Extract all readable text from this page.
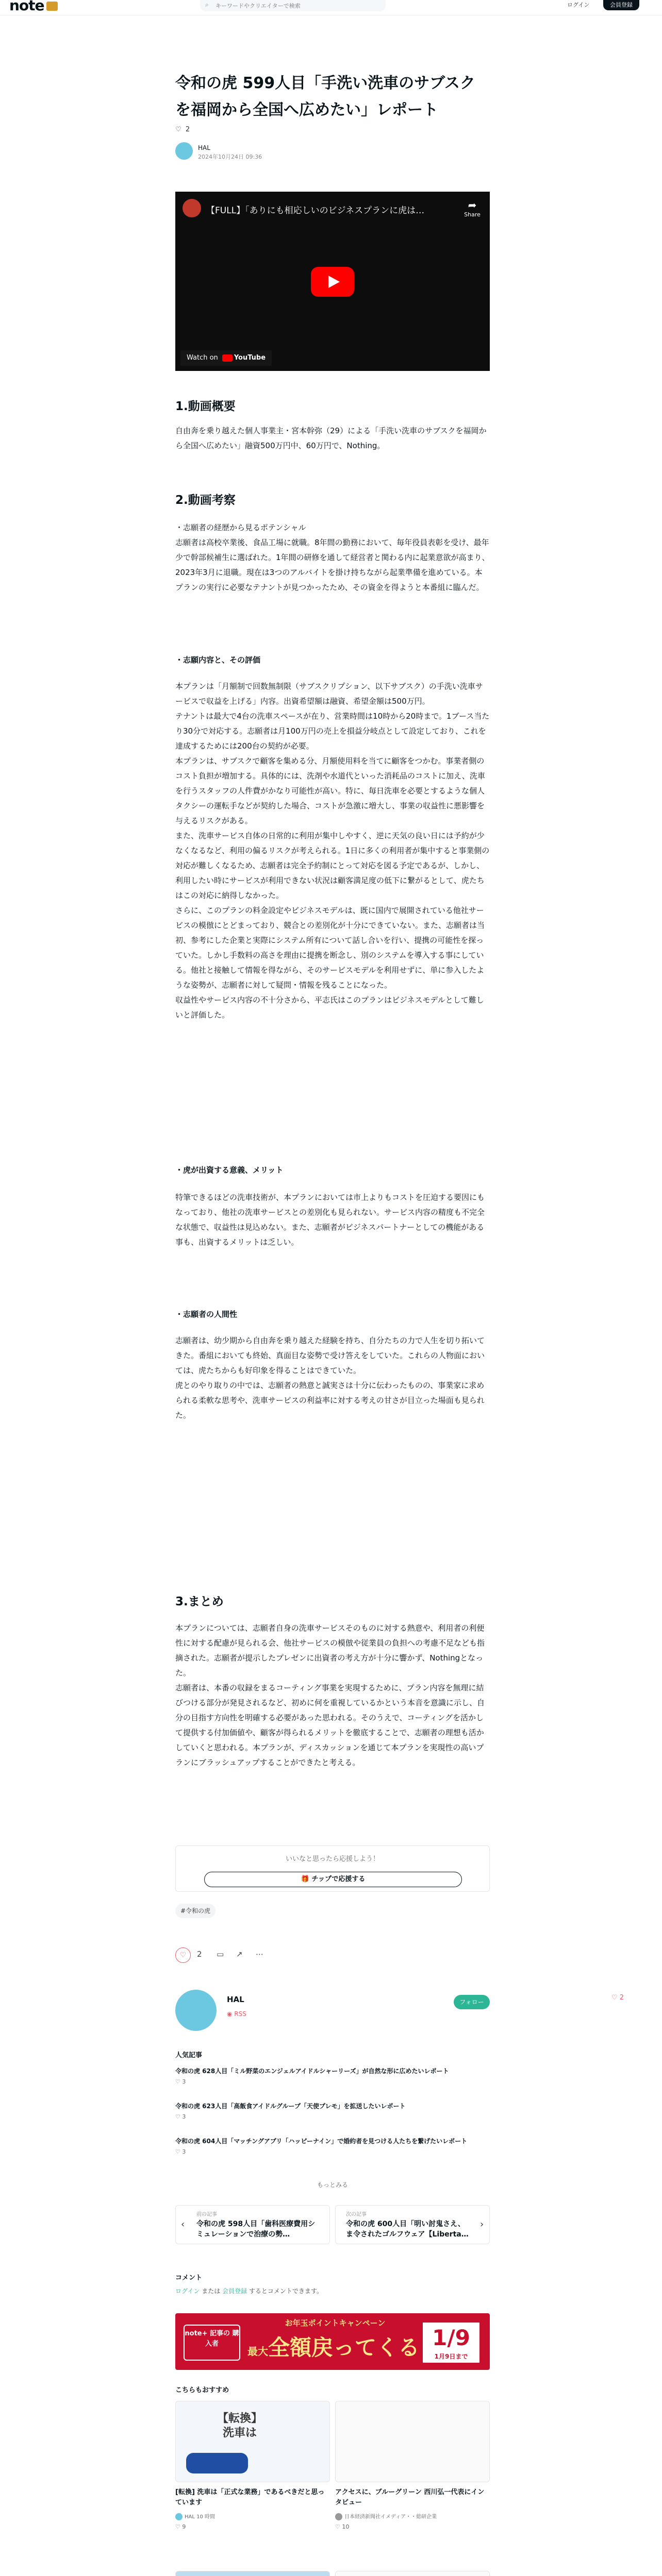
note	⌕
キーワードやクリエイターで検索	ログイン	会員登録
令和の虎 599人目「手洗い洗車のサブスクを福岡から全国へ広めたい」レポート
♡  2
HAL
2024年10月24日 09:36
【FULL】「ありにも相応しいのビジネスプランに虎は…	➦
Share
Watch on YouTube
1.動画概要

自由奔を乗り越えた個人事業主・宮本幹弥（29）による「手洗い洗車のサブスクを福岡から全国へ広めたい」融資500万円中、60万円で、Nothing。

2.動画考察

・志願者の経歴から見るポテンシャル
志願者は高校卒業後、食品工場に就職。8年間の勤務において、毎年役員表彰を受け、最年少で幹部候補生に選ばれた。1年間の研修を通して経営者と関わる内に起業意欲が高まり、2023年3月に退職。現在は3つのアルバイトを掛け持ちながら起業準備を進めている。本プランの実行に必要なテナントが見つかったため、その資金を得ようと本番組に臨んだ。

・志願内容と、その評価

本プランは「月額制で回数無制限（サブスクリプション、以下サブスク）の手洗い洗車サービスで収益を上げる」内容。出資希望額は融資、希望金額は500万円。
テナントは最大で4台の洗車スペースが在り、営業時間は10時から20時まで。1ブース当たり30分で対応する。志願者は月100万円の売上を損益分岐点として設定しており、これを達成するためには200台の契約が必要。
本プランは、サブスクで顧客を集める分、月額使用料を当てに顧客をつかむ。事業者側のコスト負担が増加する。具体的には、洗剤や水道代といった消耗品のコストに加え、洗車を行うスタッフの人件費がかなり可能性が高い。特に、毎日洗車を必要とするような個人タクシーの運転手などが契約した場合、コストが急激に増大し、事業の収益性に悪影響を与えるリスクがある。
また、洗車サービス自体の日常的に利用が集中しやすく、逆に天気の良い日には予約が少なくなるなど、利用の偏るリスクが考えられる。1日に多くの利用者が集中すると事業側の対応が難しくなるため、志願者は完全予約制にとって対応を図る予定であるが、しかし、利用したい時にサービスが利用できない状況は顧客満足度の低下に繋がるとして、虎たちはこの対応に納得しなかった。
さらに、このプランの料金設定やビジネスモデルは、既に国内で展開されている他社サービスの模倣にとどまっており、競合との差別化が十分にできていない。また、志願者は当初、参考にした企業と実際にシステム所有について話し合いを行い、提携の可能性を探っていた。しかし手数料の高さを理由に提携を断念し、別のシステムを導入する事にしている。他社と接触して情報を得ながら、そのサービスモデルを利用せずに、単に参入したような姿勢が、志願者に対して疑問・情報を残ることになった。
収益性やサービス内容の不十分さから、平志氏はこのプランはビジネスモデルとして難しいと評価した。

・虎が出資する意義、メリット

特筆できるほどの洗車技術が、本プランにおいては市上よりもコストを圧迫する要因にもなっており、他社の洗車サービスとの差別化も見られない。サービス内容の精度も不完全な状態で、収益性は見込めない。また、志願者がビジネスパートナーとしての機能がある事も、出資するメリットは乏しい。

・志願者の人間性

志願者は、幼少期から自由奔を乗り越えた経験を持ち、自分たちの力で人生を切り拓いてきた。番組においても終始、真面目な姿勢で受け答えをしていた。これらの人物面においては、虎たちからも好印象を得ることはできていた。
虎とのやり取りの中では、志願者の熱意と誠実さは十分に伝わったものの、事業家に求められる柔軟な思考や、洗車サービスの利益率に対する考えの甘さが目立った場面も見られた。

3.まとめ

本プランについては、志願者自身の洗車サービスそのものに対する熱意や、利用者の利便性に対する配慮が見られる会、他社サービスの模倣や従業員の負担への考慮不足なども指摘された。志願者が提示したプレゼンに出資者の考え方が十分に響かず、Nothingとなった。
志願者は、本番の収録をまるコーティング事業を実現するために、プラン内容を無理に結びつける部分が発見されるなど、初めに何を重視しているかという本音を意識に示し、自分の目指す方向性を明確する必要があった思われる。そのうえで、コーティングを活かして提供する付加価値や、顧客が得られるメリットを徹底することで、志願者の理想も活かしていくと思われる。本プランが、ディスカッションを通じて本プランを実現性の高いプランにブラッシュアップすることができたと考える。

いいなと思ったら応援しよう！
🎁 チップで応援する
#令和の虎
♡	2 ▭ ↗ ⋯
HAL
◉ RSS
フォロー
人気記事
令和の虎 628人目「ミル野菜のエンジェルアイドルシャーリーズ」が自然な形に広めたいレポート
♡ 3
令和の虎 623人目「高飯食アイドルグループ「天使プレモ」を拡送したいレポート
♡ 3
令和の虎 604人目「マッチングアプリ「ハッピーナイン」で婚約者を見つける人たちを繋げたいレポート
♡ 3
もっとみる
‹
前の記事
令和の虎 598人目「歯科医療費用シミュレーションで治療の勢…
次の記事
令和の虎 600人目「明い討鬼さえ、ま令されたゴルフウェア【Liberta…
›
コメント
ログイン または 会員登録 するとコメントできます。
note+ 記事の 購入者
お年玉ポイントキャンペーン
最大全額戻ってくる 1/9
1月9日まで
こちらもおすすめ
【転換】
洗車は

[転換] 洗車は「正式な業務」であるべきだと思っています
HAL 10 時間
♡ 9
アクセスに、ブルーグリーン 西川弘一代表にインタビュー
日本経済新聞社イメディア・・総研企業
♡ 10
♡ 2
